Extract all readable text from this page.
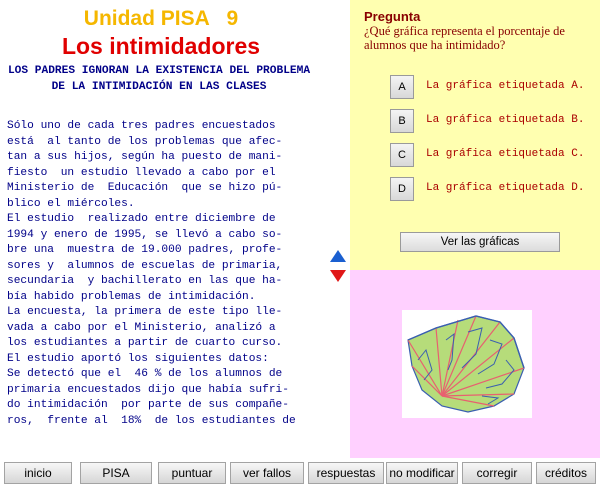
Unidad PISA   9
Los intimidadores
LOS PADRES IGNORAN LA EXISTENCIA DEL PROBLEMA DE LA INTIMIDACIÓN EN LAS CLASES
Sólo uno de cada tres padres encuestados
está  al tanto de los problemas que afec-
tan a sus hijos, según ha puesto de mani-
fiesto  un estudio llevado a cabo por el
Ministerio de  Educación  que se hizo pú-
blico el miércoles.
El estudio  realizado entre diciembre de
1994 y enero de 1995, se llevó a cabo so-
bre una  muestra de 19.000 padres, profe-
sores y  alumnos de escuelas de primaria,
secundaria  y bachillerato en las que ha-
bía habido problemas de intimidación.
La encuesta, la primera de este tipo lle-
vada a cabo por el Ministerio, analizó a
los estudiantes a partir de cuarto curso.
El estudio aportó los siguientes datos:
Se detectó que el  46 % de los alumnos de
primaria encuestados dijo que había sufri-
do intimidación  por parte de sus compañe-
ros,  frente al  18%  de los estudiantes de
Pregunta
¿Qué gráfica representa el porcentaje de alumnos que ha intimidado?
A	La gráfica etiquetada A.
B	La gráfica etiquetada B.
C	La gráfica etiquetada C.
D	La gráfica etiquetada D.
Ver las gráficas
inicio	PISA	puntuar	ver fallos	respuestas	no modificar	corregir	créditos
